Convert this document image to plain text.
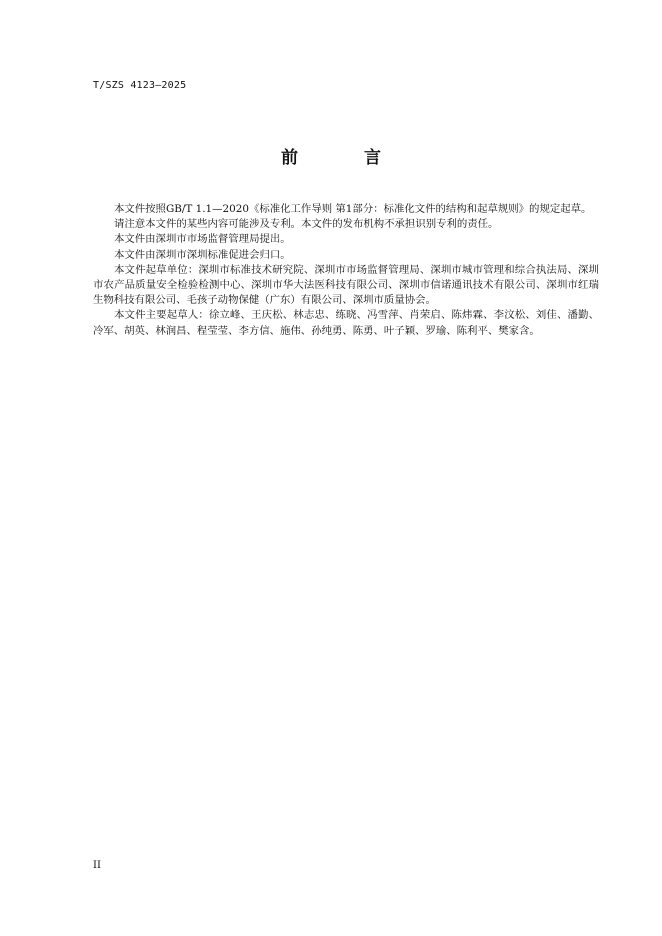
T/SZS 4123—2025
前 言

本文件按照GB/T 1.1—2020《标准化工作导则 第1部分：标准化文件的结构和起草规则》的规定起草。

请注意本文件的某些内容可能涉及专利。本文件的发布机构不承担识别专利的责任。

本文件由深圳市市场监督管理局提出。

本文件由深圳市深圳标准促进会归口。

本文件起草单位：深圳市标准技术研究院、深圳市市场监督管理局、深圳市城市管理和综合执法局、深圳市农产品质量安全检验检测中心、深圳市华大法医科技有限公司、深圳市信诺通讯技术有限公司、深圳市红瑞生物科技有限公司、毛孩子动物保健（广东）有限公司、深圳市质量协会。

本文件主要起草人：徐立峰、王庆松、林志忠、练晓、冯雪萍、肖荣启、陈炜霖、李汶松、刘佳、潘勤、冷军、胡英、林润昌、程莹莹、李方信、施伟、孙纯勇、陈勇、叶子颖、罗瑜、陈利平、樊家含。

II
